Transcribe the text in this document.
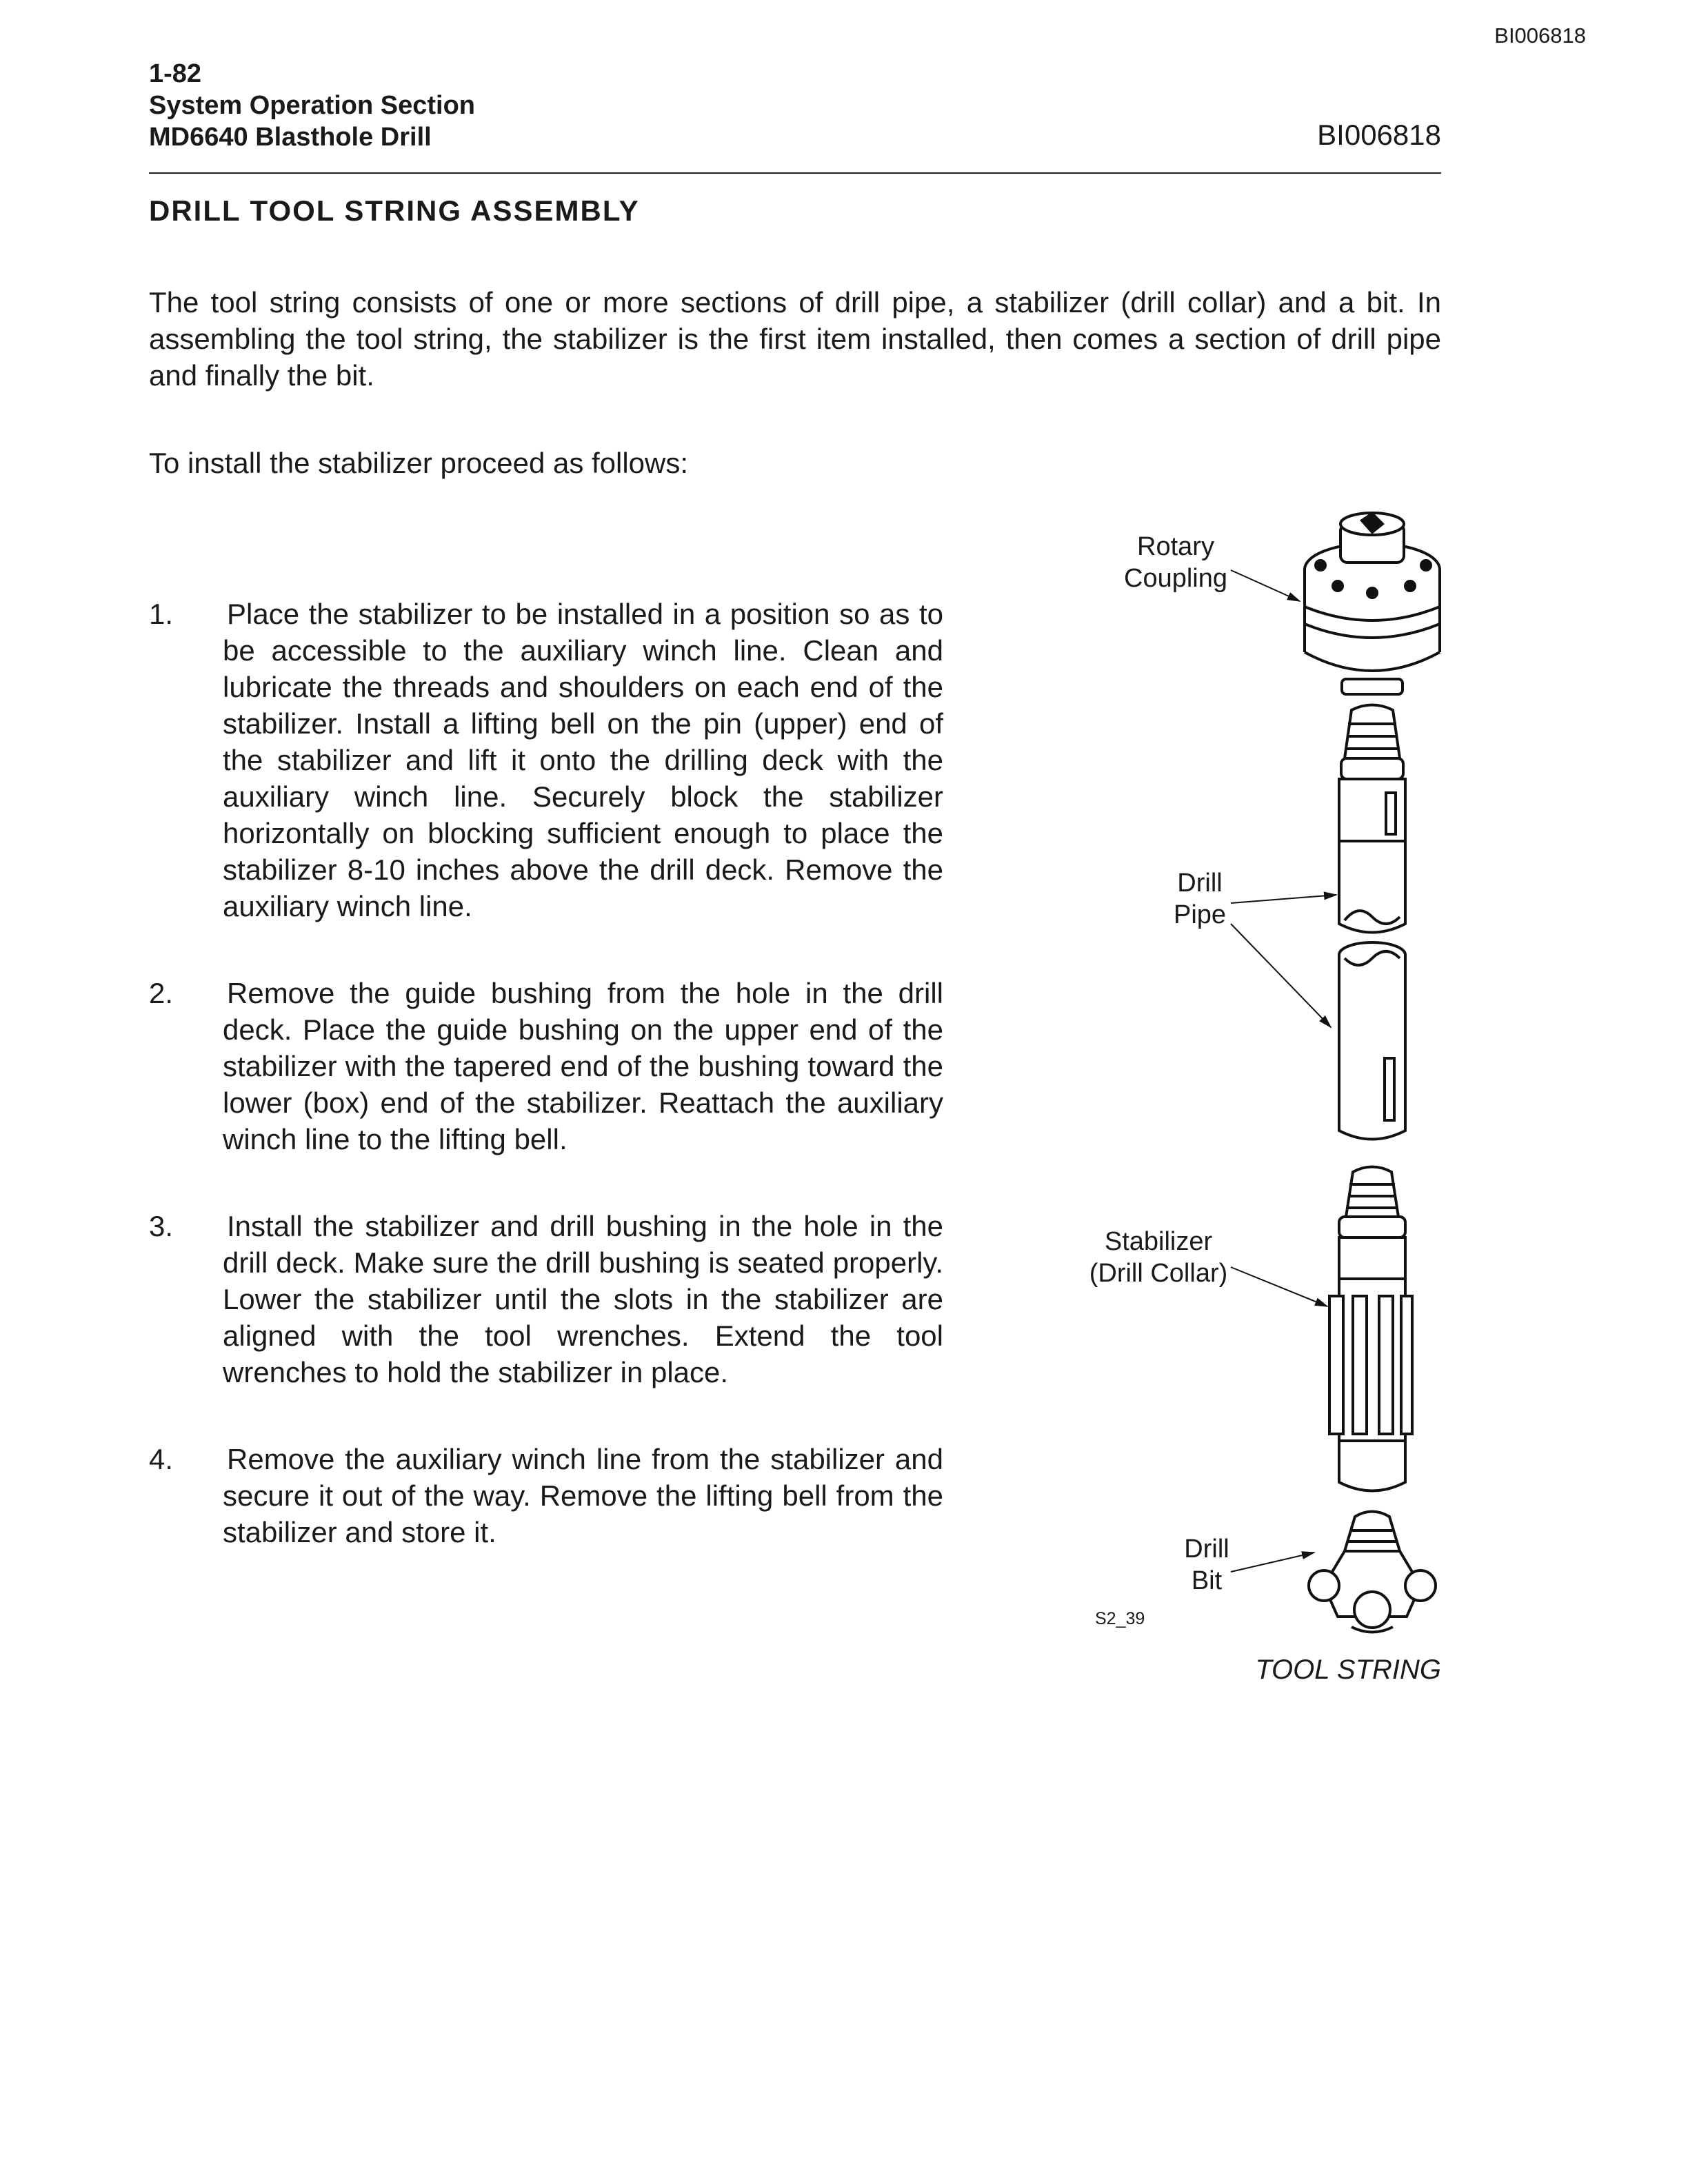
BI006818
1-82
System Operation Section
MD6640 Blasthole Drill	BI006818
DRILL TOOL STRING ASSEMBLY
The tool string consists of one or more sections of drill pipe, a stabilizer (drill collar) and a bit. In assembling the tool string, the stabilizer is the first item installed, then comes a section of drill pipe and finally the bit.
To install the stabilizer proceed as follows:
1. Place the stabilizer to be installed in a position so as to be accessible to the auxiliary winch line. Clean and lubricate the threads and shoulders on each end of the stabilizer. Install a lifting bell on the pin (upper) end of the stabilizer and lift it onto the drilling deck with the auxiliary winch line. Securely block the stabilizer horizontally on blocking sufficient enough to place the stabilizer 8-10 inches above the drill deck. Remove the auxiliary winch line.
2. Remove the guide bushing from the hole in the drill deck. Place the guide bushing on the upper end of the stabilizer with the tapered end of the bushing toward the lower (box) end of the stabilizer. Reattach the auxiliary winch line to the lifting bell.
3. Install the stabilizer and drill bushing in the hole in the drill deck. Make sure the drill bushing is seated properly. Lower the stabilizer until the slots in the stabilizer are aligned with the tool wrenches. Extend the tool wrenches to hold the stabilizer in place.
4. Remove the auxiliary winch line from the stabilizer and secure it out of the way. Remove the lifting bell from the stabilizer and store it.
Rotary
Coupling
Drill
Pipe
Stabilizer
(Drill Collar)
Drill
Bit
S2_39
TOOL STRING
